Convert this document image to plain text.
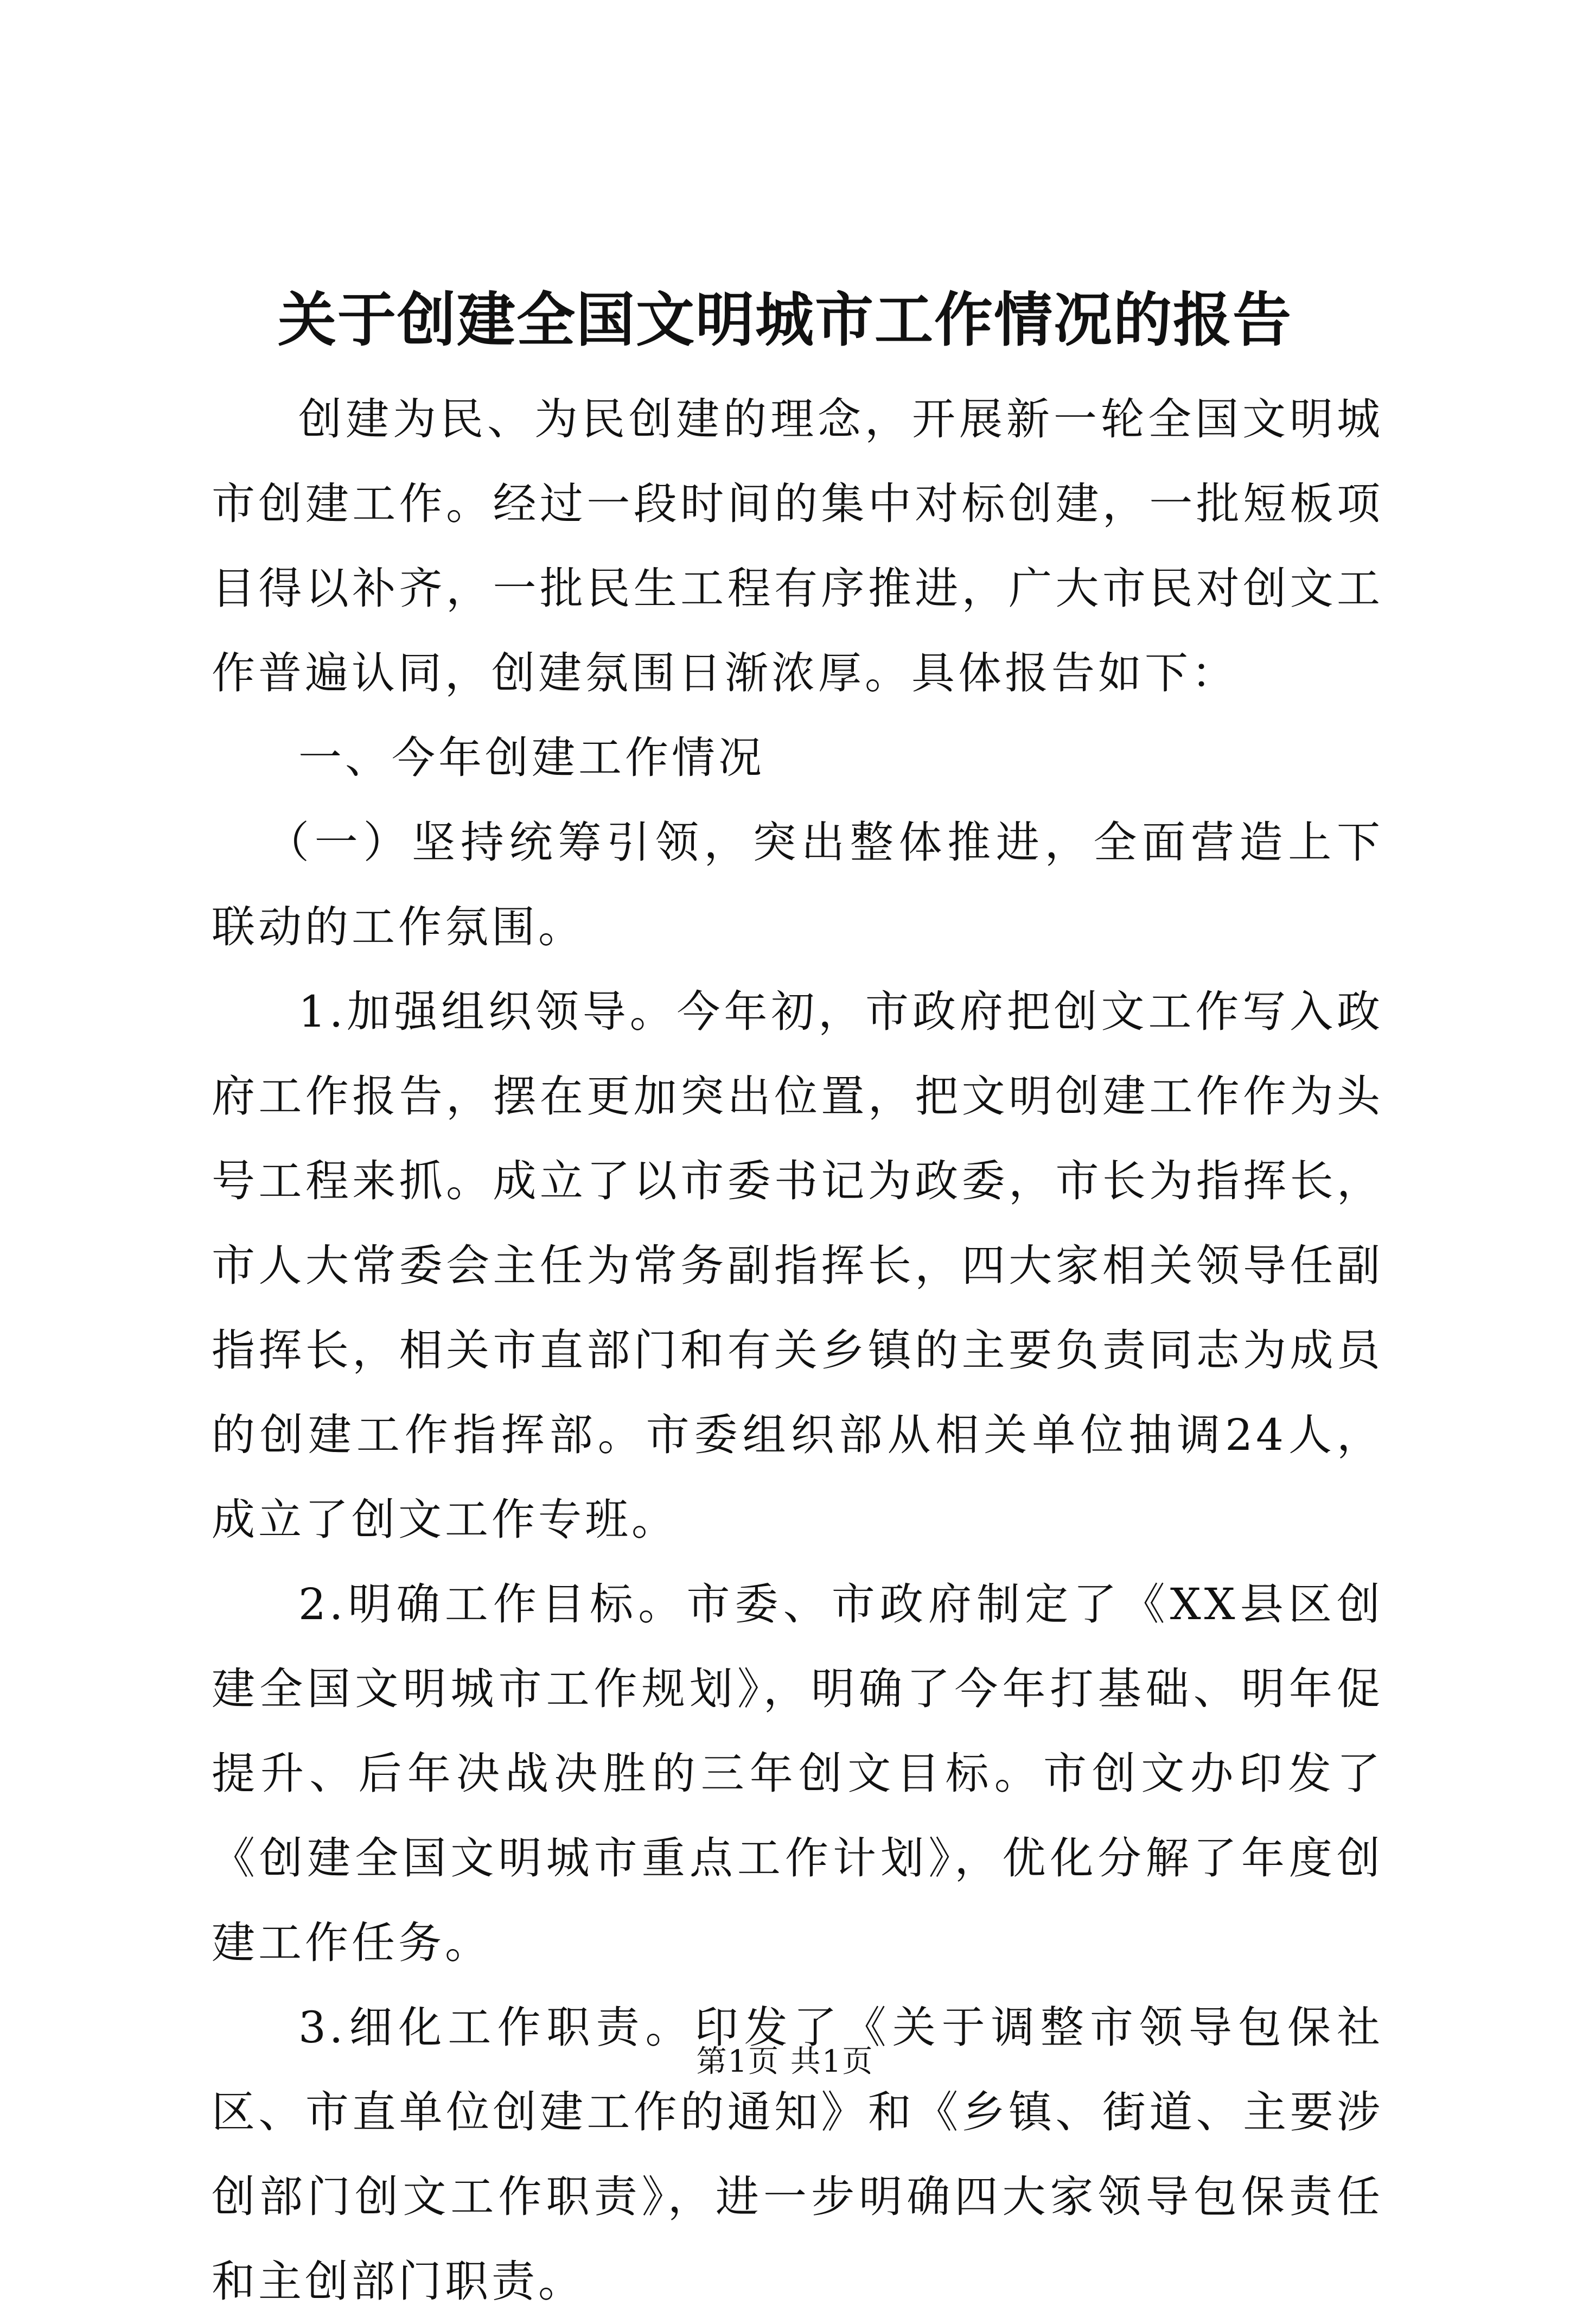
关于创建全国文明城市工作情况的报告

创建为民、为民创建的理念，开展新一轮全国文明城市创建工作。经过一段时间的集中对标创建，一批短板项目得以补齐，一批民生工程有序推进，广大市民对创文工作普遍认同，创建氛围日渐浓厚。具体报告如下：

一、今年创建工作情况

（一）坚持统筹引领，突出整体推进，全面营造上下联动的工作氛围。

1.加强组织领导。今年初，市政府把创文工作写入政府工作报告，摆在更加突出位置，把文明创建工作作为头号工程来抓。成立了以市委书记为政委，市长为指挥长，市人大常委会主任为常务副指挥长，四大家相关领导任副指挥长，相关市直部门和有关乡镇的主要负责同志为成员的创建工作指挥部。市委组织部从相关单位抽调24人，成立了创文工作专班。

2.明确工作目标。市委、市政府制定了《XX县区创建全国文明城市工作规划》，明确了今年打基础、明年促提升、后年决战决胜的三年创文目标。市创文办印发了《创建全国文明城市重点工作计划》，优化分解了年度创建工作任务。

3.细化工作职责。印发了《关于调整市领导包保社区、市直单位创建工作的通知》和《乡镇、街道、主要涉创部门创文工作职责》，进一步明确四大家领导包保责任和主创部门职责。

第1页 共1页
